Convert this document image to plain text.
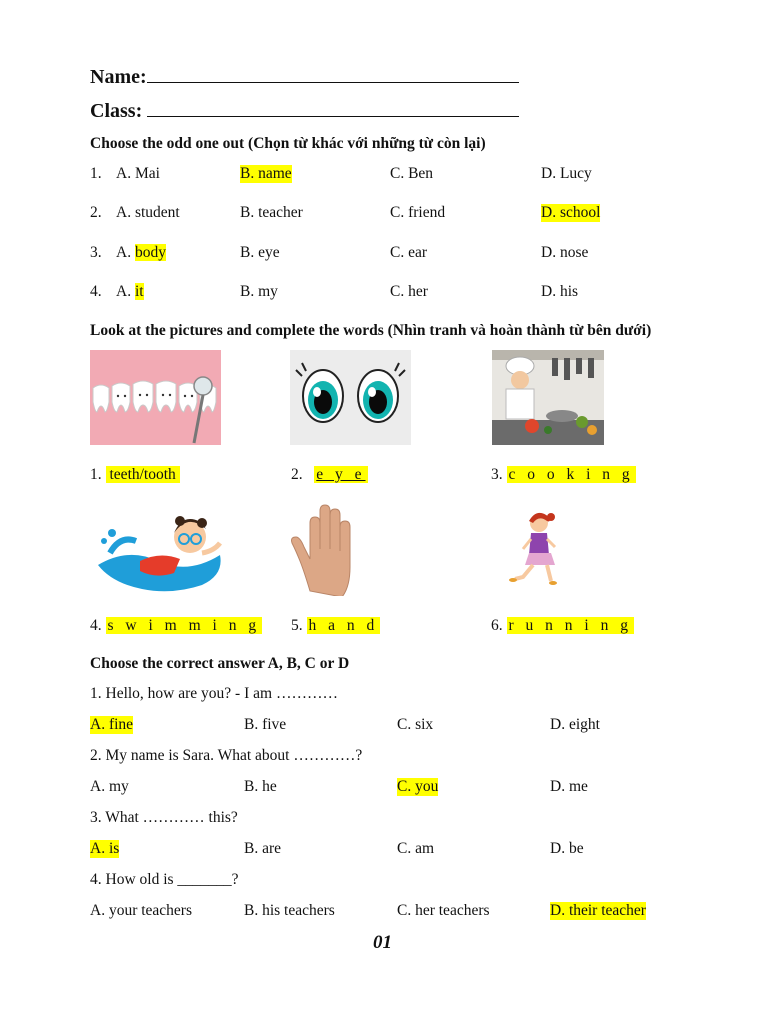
Name:
Class:
Choose the odd one out (Chọn từ khác với những từ còn lại)
1. A. Mai	B. name	C. Ben	D. Lucy
2. A. student	B. teacher	C. friend	D. school
3. A. body	B. eye	C. ear	D. nose
4. A. it	B. my	C. her	D. his
Look at the pictures and complete the words (Nhìn tranh và hoàn thành từ bên dưới)
1. teeth/tooth	2. e y e	3. c o o k i n g
4. s w i m m i n g 5. h a n d	6. r u n n i n g
Choose the correct answer A, B, C or D
1. Hello, how are you? - I am …………
A. fine	B. five	C. six	D. eight
2. My name is Sara. What about …………?
A. my	B. he	C. you	D. me
3. What ………… this?
A. is	B. are	C. am	D. be
4. How old is _______?
A. your teachers	B. his teachers	C. her teachers	D. their teacher
01
